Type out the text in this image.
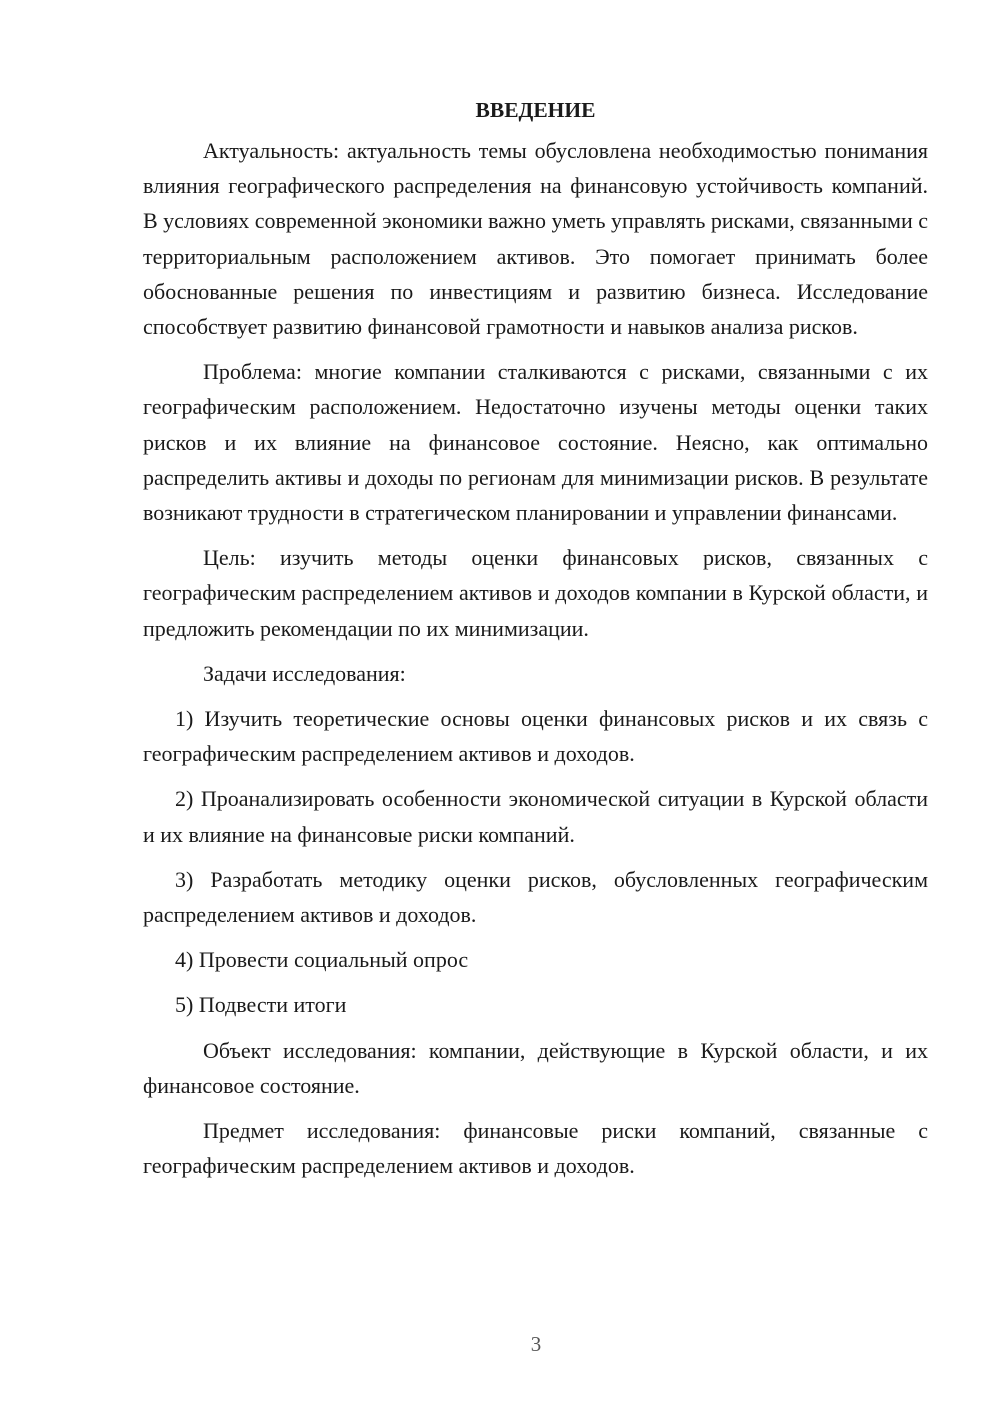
ВВЕДЕНИЕ

Актуальность: актуальность темы обусловлена необходимостью понимания влияния географического распределения на финансовую устойчивость компаний. В условиях современной экономики важно уметь управлять рисками, связанными с территориальным расположением активов. Это помогает принимать более обоснованные решения по инвестициям и развитию бизнеса. Исследование способствует развитию финансовой грамотности и навыков анализа рисков.

Проблема: многие компании сталкиваются с рисками, связанными с их географическим расположением. Недостаточно изучены методы оценки таких рисков и их влияние на финансовое состояние. Неясно, как оптимально распределить активы и доходы по регионам для минимизации рисков. В результате возникают трудности в стратегическом планировании и управлении финансами.

Цель: изучить методы оценки финансовых рисков, связанных с географическим распределением активов и доходов компании в Курской области, и предложить рекомендации по их минимизации.

Задачи исследования:

1) Изучить теоретические основы оценки финансовых рисков и их связь с географическим распределением активов и доходов.

2) Проанализировать особенности экономической ситуации в Курской области и их влияние на финансовые риски компаний.

3) Разработать методику оценки рисков, обусловленных географическим распределением активов и доходов.

4) Провести социальный опрос

5) Подвести итоги

Объект исследования: компании, действующие в Курской области, и их финансовое состояние.

Предмет исследования: финансовые риски компаний, связанные с географическим распределением активов и доходов.

3
